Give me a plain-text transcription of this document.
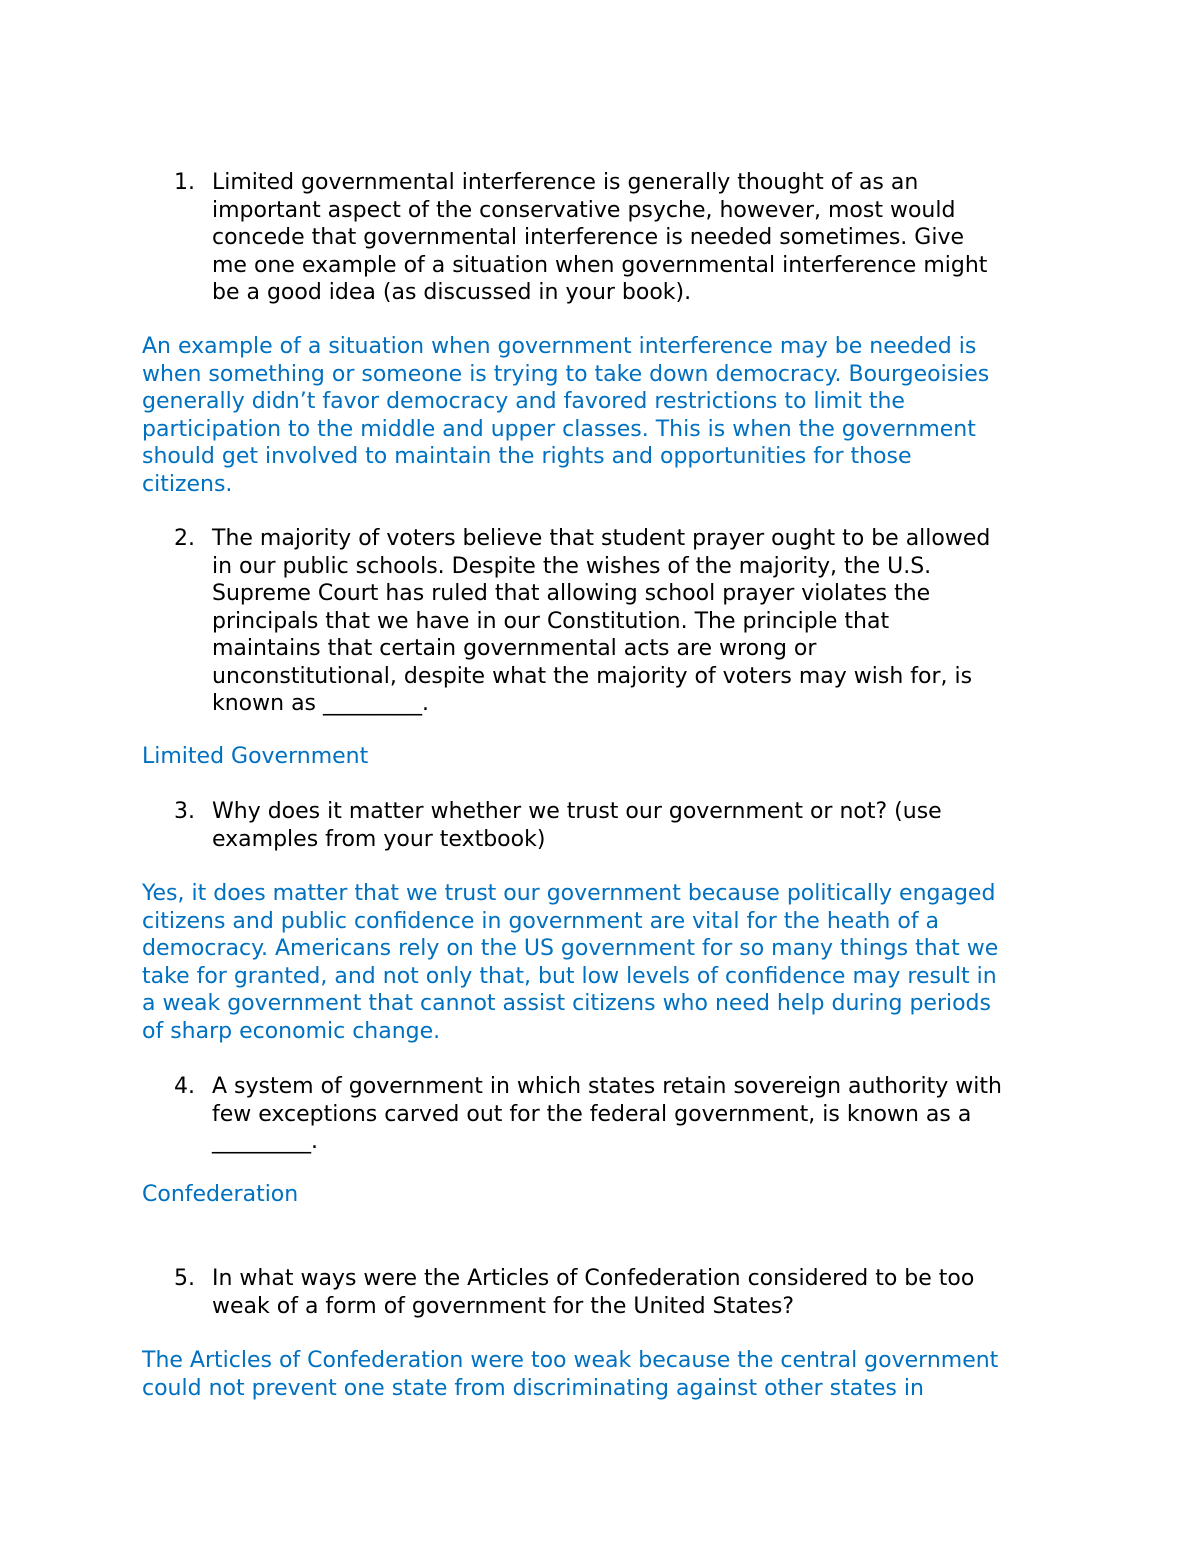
1. Limited governmental interference is generally thought of as an
important aspect of the conservative psyche, however, most would
concede that governmental interference is needed sometimes. Give
me one example of a situation when governmental interference might
be a good idea (as discussed in your book).
An example of a situation when government interference may be needed is
when something or someone is trying to take down democracy. Bourgeoisies
generally didn’t favor democracy and favored restrictions to limit the
participation to the middle and upper classes. This is when the government
should get involved to maintain the rights and opportunities for those
citizens.
2. The majority of voters believe that student prayer ought to be allowed
in our public schools. Despite the wishes of the majority, the U.S.
Supreme Court has ruled that allowing school prayer violates the
principals that we have in our Constitution. The principle that
maintains that certain governmental acts are wrong or
unconstitutional, despite what the majority of voters may wish for, is
known as _________.
Limited Government
3. Why does it matter whether we trust our government or not? (use
examples from your textbook)
Yes, it does matter that we trust our government because politically engaged
citizens and public confidence in government are vital for the heath of a
democracy. Americans rely on the US government for so many things that we
take for granted, and not only that, but low levels of confidence may result in
a weak government that cannot assist citizens who need help during periods
of sharp economic change.
4. A system of government in which states retain sovereign authority with
few exceptions carved out for the federal government, is known as a
_________.
Confederation
5. In what ways were the Articles of Confederation considered to be too
weak of a form of government for the United States?
The Articles of Confederation were too weak because the central government
could not prevent one state from discriminating against other states in
